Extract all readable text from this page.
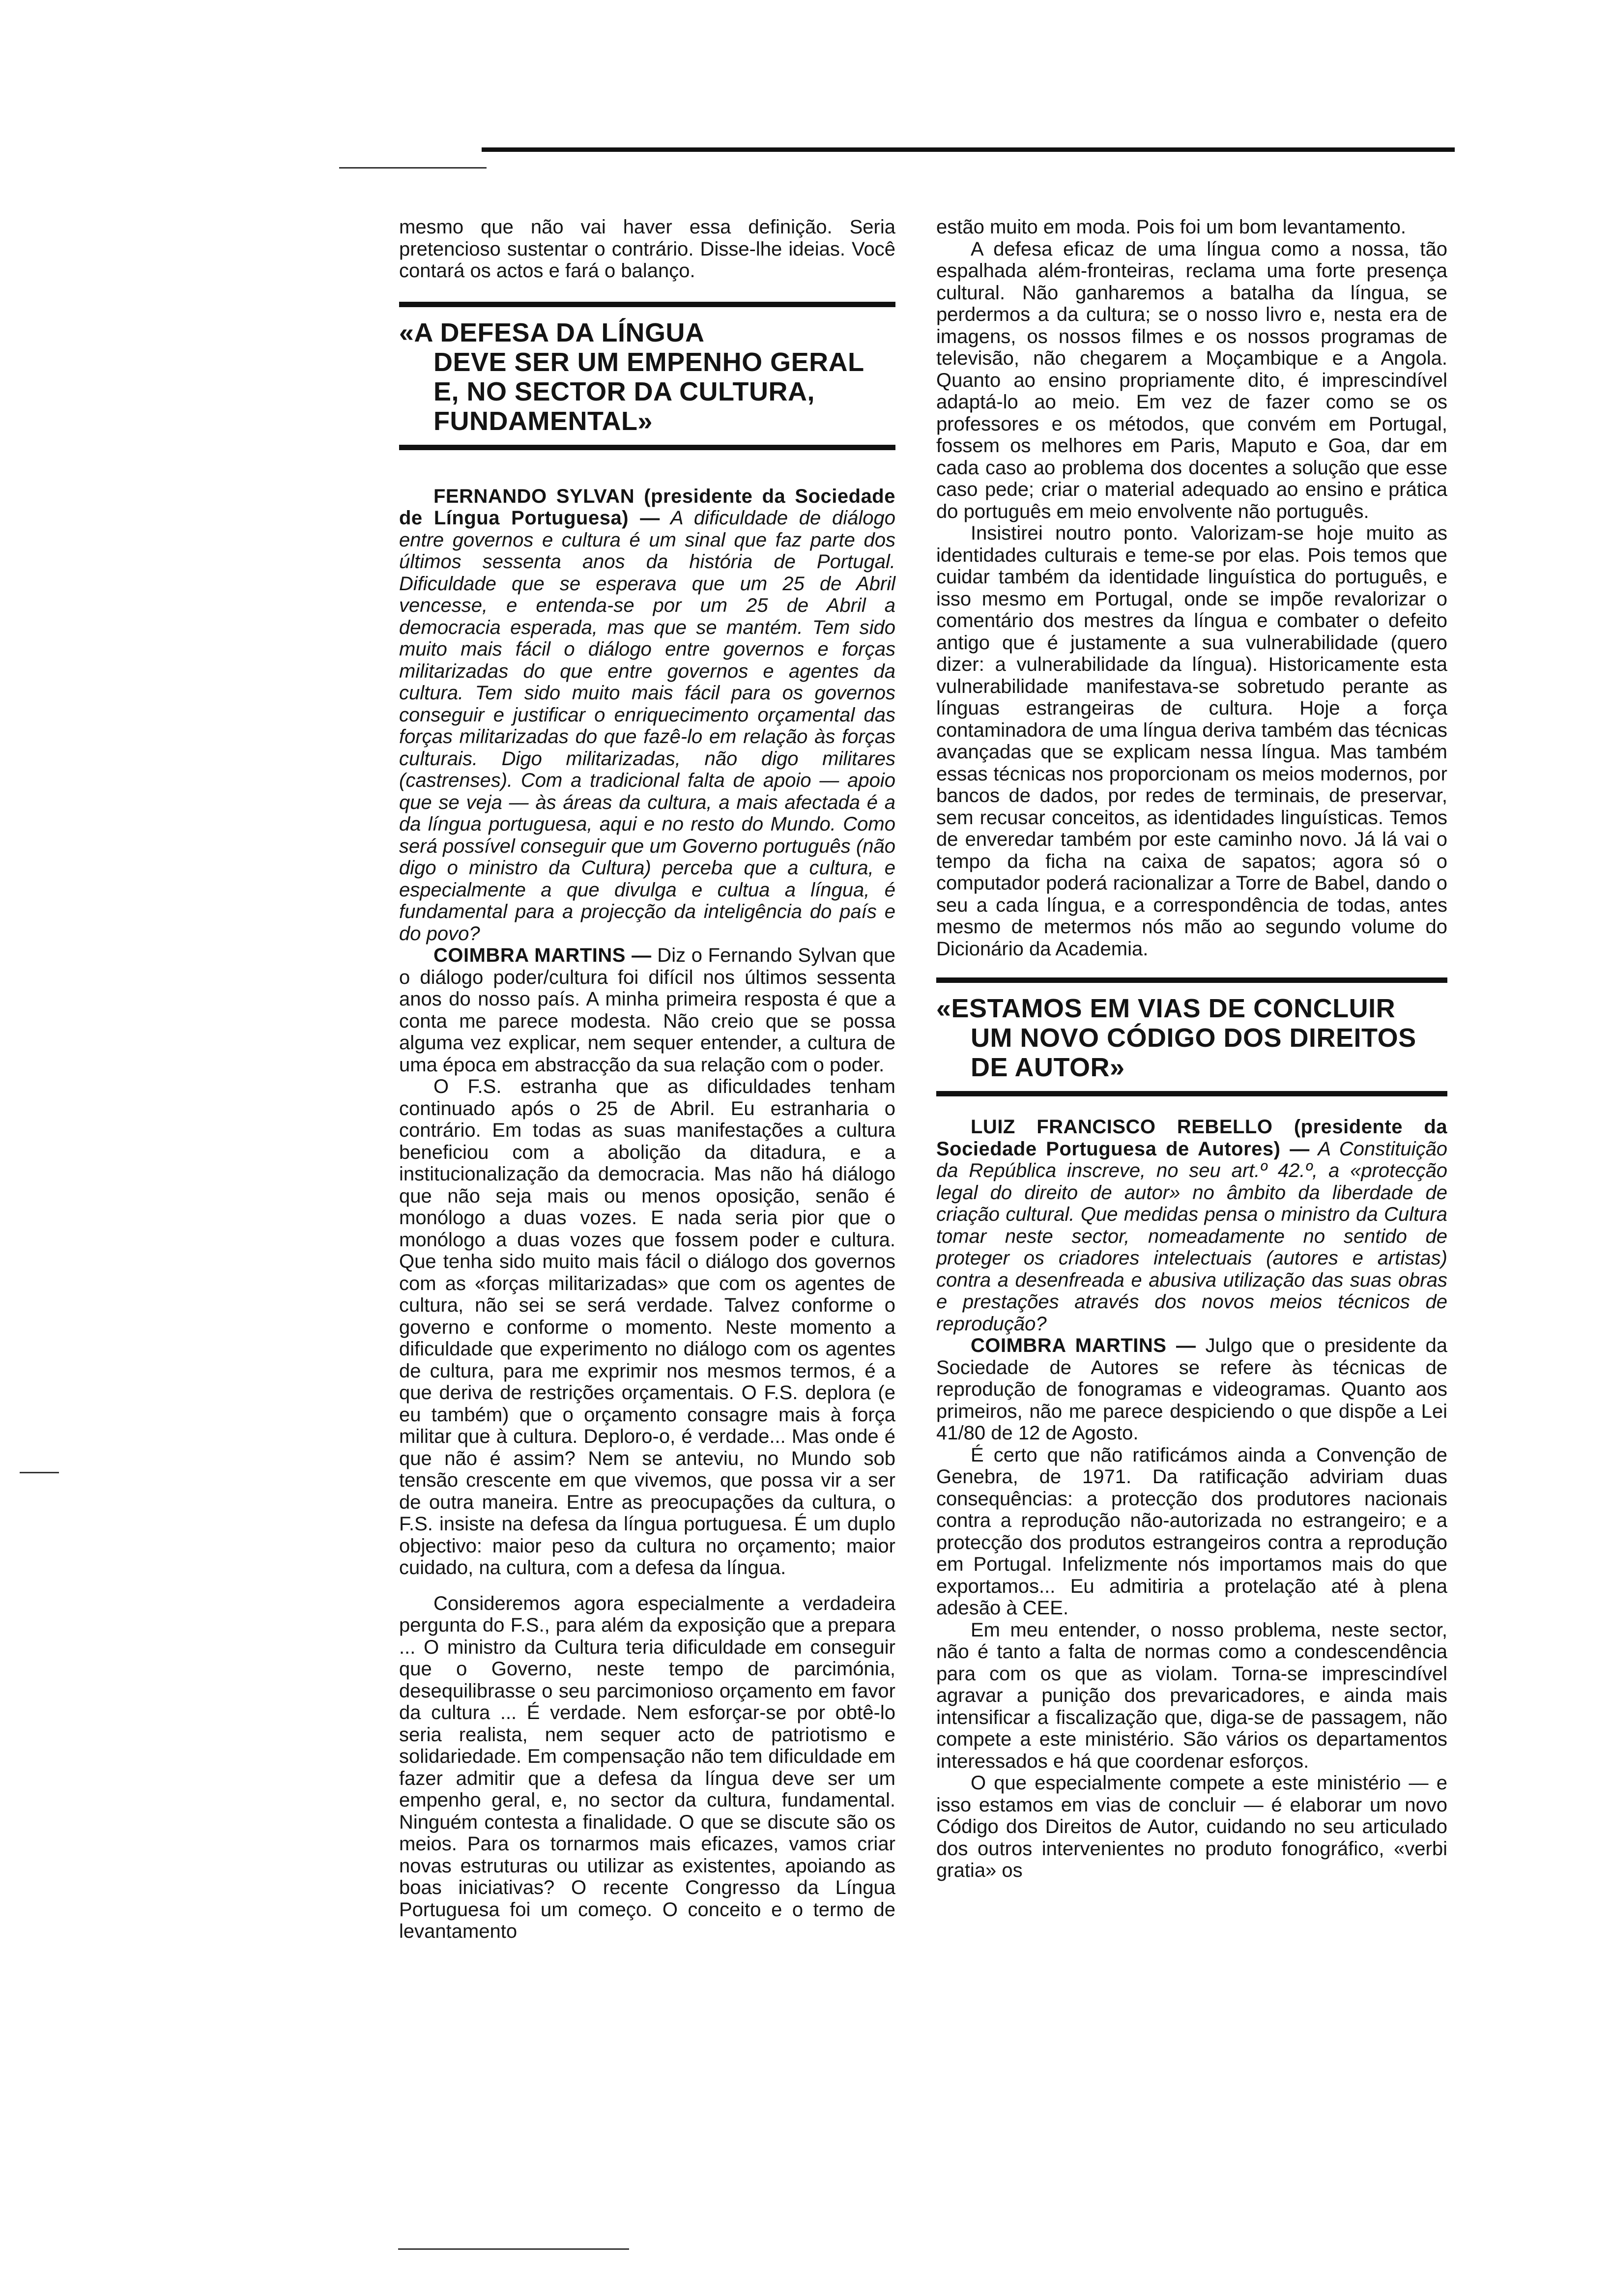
mesmo que não vai haver essa definição. Seria pretencioso sustentar o contrário. Disse-lhe ideias. Você contará os actos e fará o balanço.

«A DEFESA DA LÍNGUA
DEVE SER UM EMPENHO GERAL
E, NO SECTOR DA CULTURA,
FUNDAMENTAL»

FERNANDO SYLVAN (presidente da Sociedade de Língua Portuguesa) — A dificuldade de diálogo entre governos e cultura é um sinal que faz parte dos últimos sessenta anos da história de Portugal. Dificuldade que se esperava que um 25 de Abril vencesse, e entenda-se por um 25 de Abril a democracia esperada, mas que se mantém. Tem sido muito mais fácil o diálogo entre governos e forças militarizadas do que entre governos e agentes da cultura. Tem sido muito mais fácil para os governos conseguir e justificar o enriquecimento orçamental das forças militarizadas do que fazê-lo em relação às forças culturais. Digo militarizadas, não digo militares (castrenses). Com a tradicional falta de apoio — apoio que se veja — às áreas da cultura, a mais afectada é a da língua portuguesa, aqui e no resto do Mundo. Como será possível conseguir que um Governo português (não digo o ministro da Cultura) perceba que a cultura, e especialmente a que divulga e cultua a língua, é fundamental para a projecção da inteligência do país e do povo?

COIMBRA MARTINS — Diz o Fernando Sylvan que o diálogo poder/cultura foi difícil nos últimos sessenta anos do nosso país. A minha primeira resposta é que a conta me parece modesta. Não creio que se possa alguma vez explicar, nem sequer entender, a cultura de uma época em abstracção da sua relação com o poder.

O F.S. estranha que as dificuldades tenham continuado após o 25 de Abril. Eu estranharia o contrário. Em todas as suas manifestações a cultura beneficiou com a abolição da ditadura, e a institucionalização da democracia. Mas não há diálogo que não seja mais ou menos oposição, senão é monólogo a duas vozes. E nada seria pior que o monólogo a duas vozes que fossem poder e cultura. Que tenha sido muito mais fácil o diálogo dos governos com as «forças militarizadas» que com os agentes de cultura, não sei se será verdade. Talvez conforme o governo e conforme o momento. Neste momento a dificuldade que experimento no diálogo com os agentes de cultura, para me exprimir nos mesmos termos, é a que deriva de restrições orçamentais. O F.S. deplora (e eu também) que o orçamento consagre mais à força militar que à cultura. Deploro-o, é verdade... Mas onde é que não é assim? Nem se anteviu, no Mundo sob tensão crescente em que vivemos, que possa vir a ser de outra maneira. Entre as preocupações da cultura, o F.S. insiste na defesa da língua portuguesa. É um duplo objectivo: maior peso da cultura no orçamento; maior cuidado, na cultura, com a defesa da língua.

Consideremos agora especialmente a verdadeira pergunta do F.S., para além da exposição que a prepara ... O ministro da Cultura teria dificuldade em conseguir que o Governo, neste tempo de parcimónia, desequilibrasse o seu parcimonioso orçamento em favor da cultura ... É verdade. Nem esforçar-se por obtê-lo seria realista, nem sequer acto de patriotismo e solidariedade. Em compensação não tem dificuldade em fazer admitir que a defesa da língua deve ser um empenho geral, e, no sector da cultura, fundamental. Ninguém contesta a finalidade. O que se discute são os meios. Para os tornarmos mais eficazes, vamos criar novas estruturas ou utilizar as existentes, apoiando as boas iniciativas? O recente Congresso da Língua Portuguesa foi um começo. O conceito e o termo de levantamento

estão muito em moda. Pois foi um bom levantamento.

A defesa eficaz de uma língua como a nossa, tão espalhada além-fronteiras, reclama uma forte presença cultural. Não ganharemos a batalha da língua, se perdermos a da cultura; se o nosso livro e, nesta era de imagens, os nossos filmes e os nossos programas de televisão, não chegarem a Moçambique e a Angola. Quanto ao ensino propriamente dito, é imprescindível adaptá-lo ao meio. Em vez de fazer como se os professores e os métodos, que convém em Portugal, fossem os melhores em Paris, Maputo e Goa, dar em cada caso ao problema dos docentes a solução que esse caso pede; criar o material adequado ao ensino e prática do português em meio envolvente não português.

Insistirei noutro ponto. Valorizam-se hoje muito as identidades culturais e teme-se por elas. Pois temos que cuidar também da identidade linguística do português, e isso mesmo em Portugal, onde se impõe revalorizar o comentário dos mestres da língua e combater o defeito antigo que é justamente a sua vulnerabilidade (quero dizer: a vulnerabilidade da língua). Historicamente esta vulnerabilidade manifestava-se sobretudo perante as línguas estrangeiras de cultura. Hoje a força contaminadora de uma língua deriva também das técnicas avançadas que se explicam nessa língua. Mas também essas técnicas nos proporcionam os meios modernos, por bancos de dados, por redes de terminais, de preservar, sem recusar conceitos, as identidades linguísticas. Temos de enveredar também por este caminho novo. Já lá vai o tempo da ficha na caixa de sapatos; agora só o computador poderá racionalizar a Torre de Babel, dando o seu a cada língua, e a correspondência de todas, antes mesmo de metermos nós mão ao segundo volume do Dicionário da Academia.

«ESTAMOS EM VIAS DE CONCLUIR
UM NOVO CÓDIGO DOS DIREITOS
DE AUTOR»

LUIZ FRANCISCO REBELLO (presidente da Sociedade Portuguesa de Autores) — A Constituição da República inscreve, no seu art.º 42.º, a «protecção legal do direito de autor» no âmbito da liberdade de criação cultural. Que medidas pensa o ministro da Cultura tomar neste sector, nomeadamente no sentido de proteger os criadores intelectuais (autores e artistas) contra a desenfreada e abusiva utilização das suas obras e prestações através dos novos meios técnicos de reprodução?

COIMBRA MARTINS — Julgo que o presidente da Sociedade de Autores se refere às técnicas de reprodução de fonogramas e videogramas. Quanto aos primeiros, não me parece despiciendo o que dispõe a Lei 41/80 de 12 de Agosto.

É certo que não ratificámos ainda a Convenção de Genebra, de 1971. Da ratificação adviriam duas consequências: a protecção dos produtores nacionais contra a reprodução não-autorizada no estrangeiro; e a protecção dos produtos estrangeiros contra a reprodução em Portugal. Infelizmente nós importamos mais do que exportamos... Eu admitiria a protelação até à plena adesão à CEE.

Em meu entender, o nosso problema, neste sector, não é tanto a falta de normas como a condescendência para com os que as violam. Torna-se imprescindível agravar a punição dos prevaricadores, e ainda mais intensificar a fiscalização que, diga-se de passagem, não compete a este ministério. São vários os departamentos interessados e há que coordenar esforços.

O que especialmente compete a este ministério — e isso estamos em vias de concluir — é elaborar um novo Código dos Direitos de Autor, cuidando no seu articulado dos outros intervenientes no produto fonográfico, «verbi gratia» os
